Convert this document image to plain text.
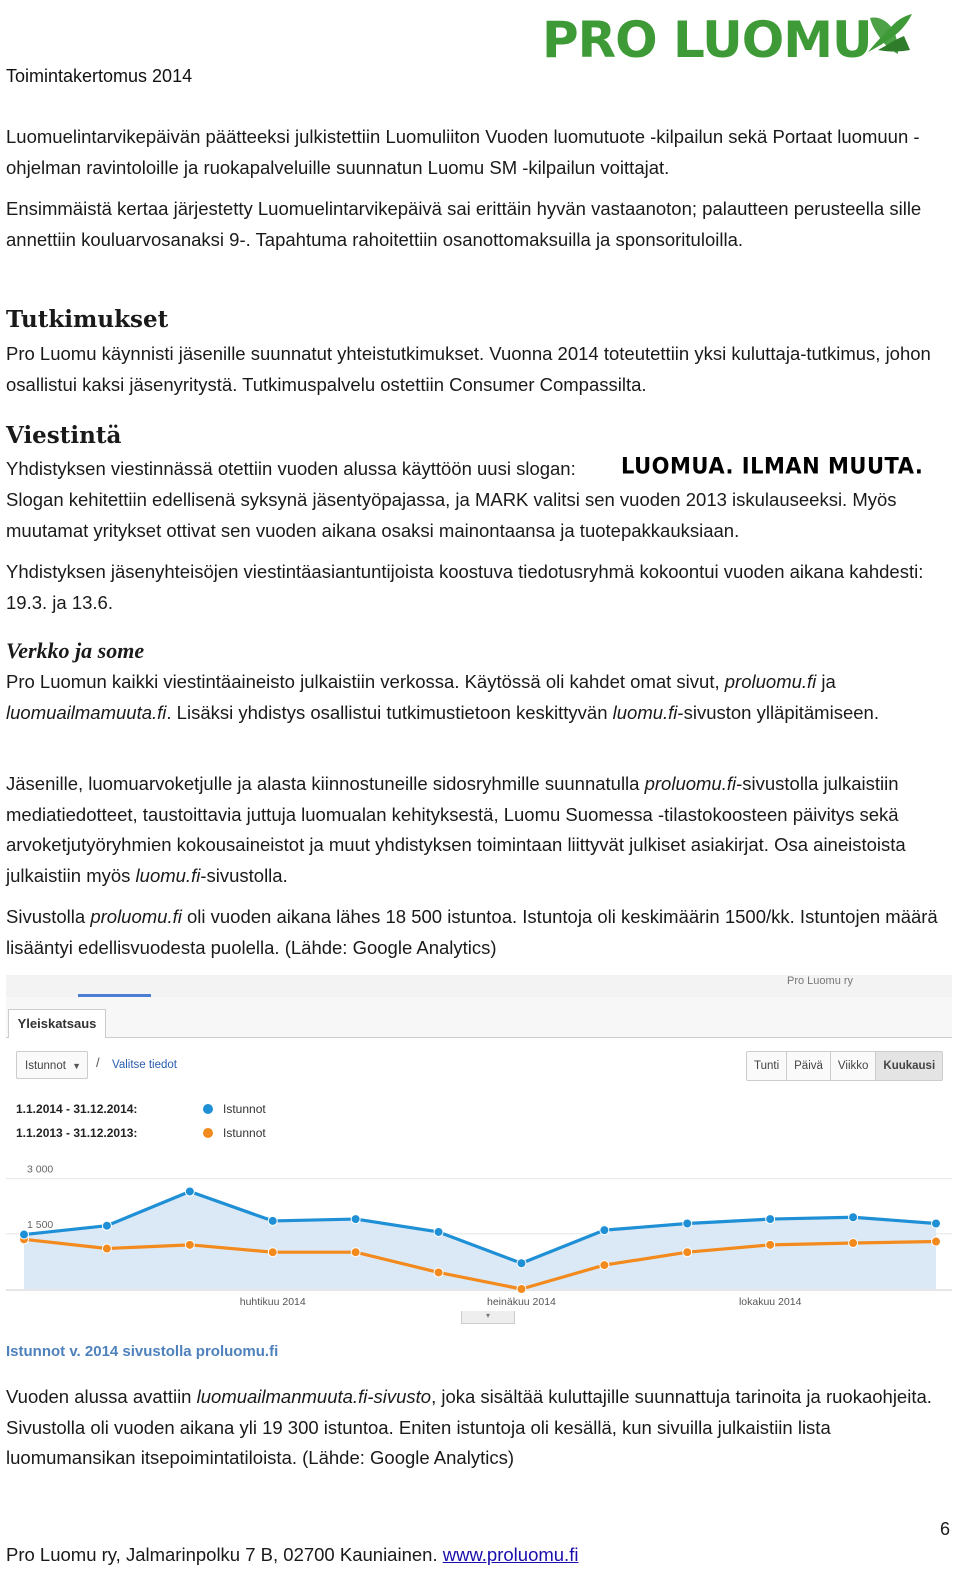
Toimintakertomus 2014
PRO LUOMU

Luomuelintarvikepäivän päätteeksi julkistettiin Luomuliiton Vuoden luomutuote -kilpailun sekä Portaat luomuun -ohjelman ravintoloille ja ruokapalveluille suunnatun Luomu SM -kilpailun voittajat.

Ensimmäistä kertaa järjestetty Luomuelintarvikepäivä sai erittäin hyvän vastaanoton; palautteen perusteella sille annettiin kouluarvosanaksi 9-. Tapahtuma rahoitettiin osanottomaksuilla ja sponsorituloilla.

Tutkimukset

Pro Luomu käynnisti jäsenille suunnatut yhteistutkimukset. Vuonna 2014 toteutettiin yksi kuluttaja-tutkimus, johon osallistui kaksi jäsenyritystä. Tutkimuspalvelu ostettiin Consumer Compassilta.

Viestintä

Yhdistyksen viestinnässä otettiin vuoden alussa käyttöön uusi slogan:	LUOMUA. ILMAN MUUTA.

Slogan kehitettiin edellisenä syksynä jäsentyöpajassa, ja MARK valitsi sen vuoden 2013 iskulauseeksi. Myös muutamat yritykset ottivat sen vuoden aikana osaksi mainontaansa ja tuotepakkauksiaan.

Yhdistyksen jäsenyhteisöjen viestintäasiantuntijoista koostuva tiedotusryhmä kokoontui vuoden aikana kahdesti: 19.3. ja 13.6.

Verkko ja some

Pro Luomun kaikki viestintäaineisto julkaistiin verkossa. Käytössä oli kahdet omat sivut, proluomu.fi ja luomuailmamuuta.fi. Lisäksi yhdistys osallistui tutkimustietoon keskittyvän luomu.fi-sivuston ylläpitämiseen.

Jäsenille, luomuarvoketjulle ja alasta kiinnostuneille sidosryhmille suunnatulla proluomu.fi-sivustolla julkaistiin mediatiedotteet, taustoittavia juttuja luomualan kehityksestä, Luomu Suomessa -tilastokoosteen päivitys sekä arvoketjutyöryhmien kokousaineistot ja muut yhdistyksen toimintaan liittyvät julkiset asiakirjat. Osa aineistoista julkaistiin myös luomu.fi-sivustolla.

Sivustolla proluomu.fi oli vuoden aikana lähes 18 500 istuntoa. Istuntoja oli keskimäärin 1500/kk. Istuntojen määrä lisääntyi edellisvuodesta puolella. (Lähde: Google Analytics)

Pro Luomu ry
Yleiskatsaus
Istunnot ▼ / Valitse tiedot	Tunti	Päivä	Viikko	Kuukausi
1.1.2014 - 31.12.2014:	Istunnot
1.1.2013 - 31.12.2013:	Istunnot
3 000
1 500
huhtikuu 2014	heinäkuu 2014	lokakuu 2014
▾
Istunnot v. 2014 sivustolla proluomu.fi

Vuoden alussa avattiin luomuailmanmuuta.fi-sivusto, joka sisältää kuluttajille suunnattuja tarinoita ja ruokaohjeita. Sivustolla oli vuoden aikana yli 19 300 istuntoa. Eniten istuntoja oli kesällä, kun sivuilla julkaistiin lista luomumansikan itsepoimintatiloista. (Lähde: Google Analytics)

6
Pro Luomu ry, Jalmarinpolku 7 B, 02700 Kauniainen. www.proluomu.fi
